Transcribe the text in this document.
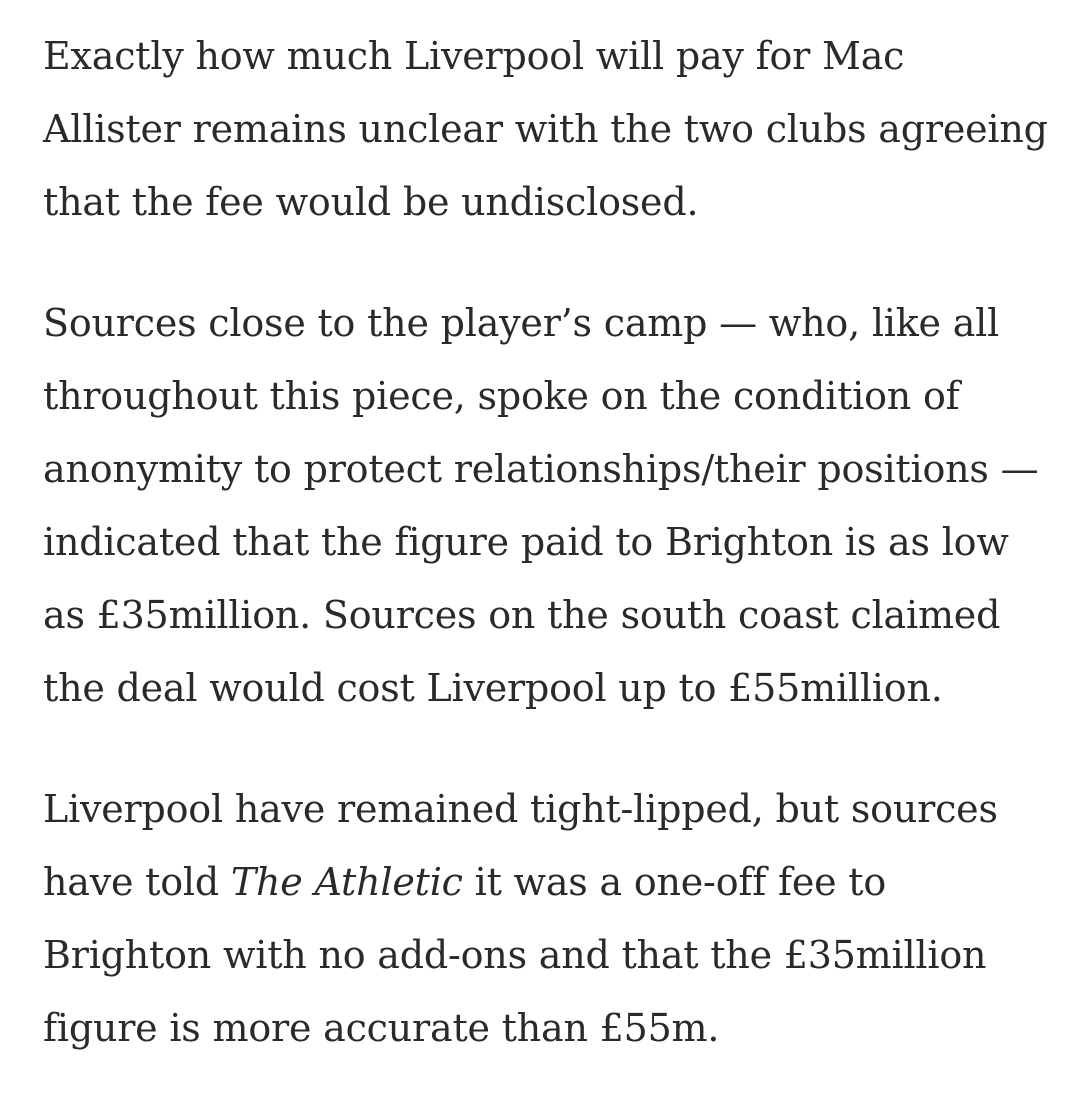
Exactly how much Liverpool will pay for Mac
Allister remains unclear with the two clubs agreeing
that the fee would be undisclosed.

Sources close to the player’s camp — who, like all
throughout this piece, spoke on the condition of
anonymity to protect relationships/their positions —
indicated that the figure paid to Brighton is as low
as £35million. Sources on the south coast claimed
the deal would cost Liverpool up to £55million.

Liverpool have remained tight-lipped, but sources
have told The Athletic it was a one-off fee to
Brighton with no add-ons and that the £35million
figure is more accurate than £55m.
